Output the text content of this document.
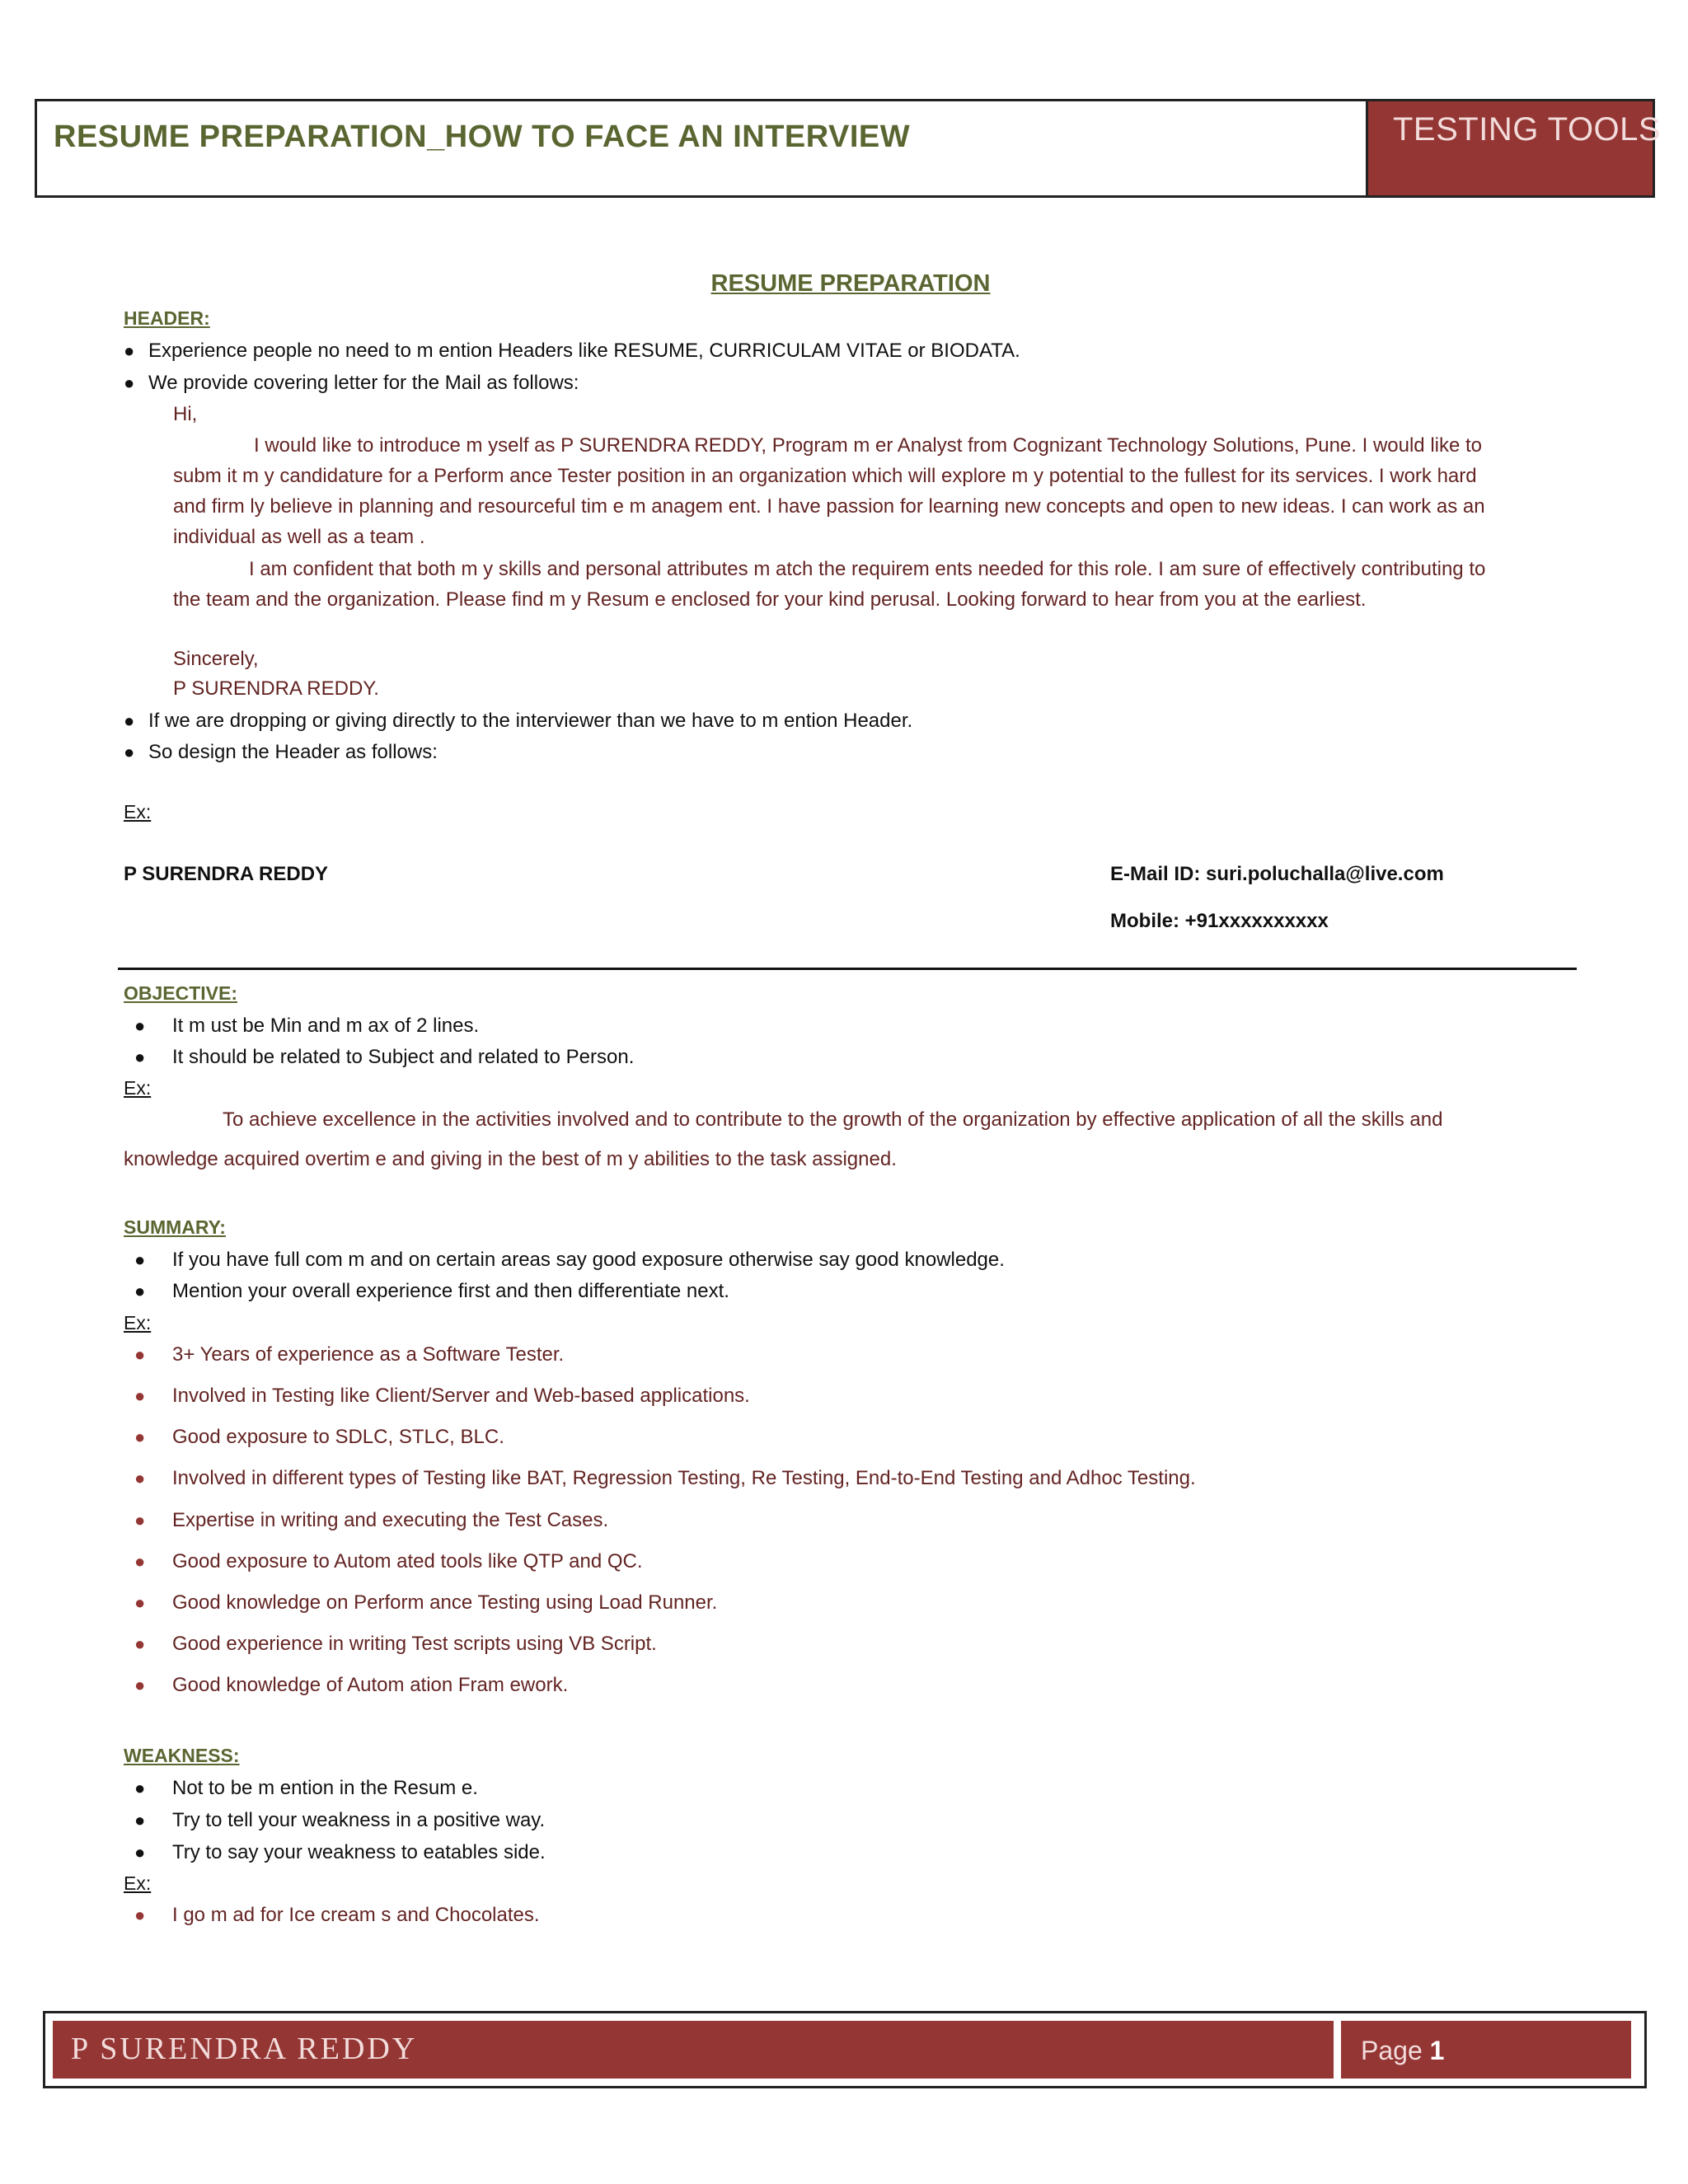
RESUME PREPARATION_HOW TO FACE AN INTERVIEW	TESTING TOOLS
RESUME PREPARATION
HEADER:
● Experience people no need to m ention Headers like RESUME, CURRICULAM VITAE or BIODATA.
● We provide covering letter for the Mail as follows:
Hi,
I would like to introduce m yself as P SURENDRA REDDY, Program m er Analyst from Cognizant Technology Solutions, Pune. I would like to
subm it m y candidature for a Perform ance Tester position in an organization which will explore m y potential to the fullest for its services. I work hard
and firm ly believe in planning and resourceful tim e m anagem ent. I have passion for learning new concepts and open to new ideas. I can work as an
individual as well as a team .
I am confident that both m y skills and personal attributes m atch the requirem ents needed for this role. I am sure of effectively contributing to
the team and the organization. Please find m y Resum e enclosed for your kind perusal. Looking forward to hear from you at the earliest.
Sincerely,
P SURENDRA REDDY.
● If we are dropping or giving directly to the interviewer than we have to m ention Header.
● So design the Header as follows:
Ex:
P SURENDRA REDDY	E-Mail ID: suri.poluchalla@live.com
Mobile: +91xxxxxxxxxx
OBJECTIVE:
● It m ust be Min and m ax of 2 lines.
● It should be related to Subject and related to Person.
Ex:
To achieve excellence in the activities involved and to contribute to the growth of the organization by effective application of all the skills and
knowledge acquired overtim e and giving in the best of m y abilities to the task assigned.
SUMMARY:
● If you have full com m and on certain areas say good exposure otherwise say good knowledge.
● Mention your overall experience first and then differentiate next.
Ex:
● 3+ Years of experience as a Software Tester.
● Involved in Testing like Client/Server and Web-based applications.
● Good exposure to SDLC, STLC, BLC.
● Involved in different types of Testing like BAT, Regression Testing, Re Testing, End-to-End Testing and Adhoc Testing.
● Expertise in writing and executing the Test Cases.
● Good exposure to Autom ated tools like QTP and QC.
● Good knowledge on Perform ance Testing using Load Runner.
● Good experience in writing Test scripts using VB Script.
● Good knowledge of Autom ation Fram ework.
WEAKNESS:
● Not to be m ention in the Resum e.
● Try to tell your weakness in a positive way.
● Try to say your weakness to eatables side.
Ex:
● I go m ad for Ice cream s and Chocolates.
P SURENDRA REDDY	Page 1
